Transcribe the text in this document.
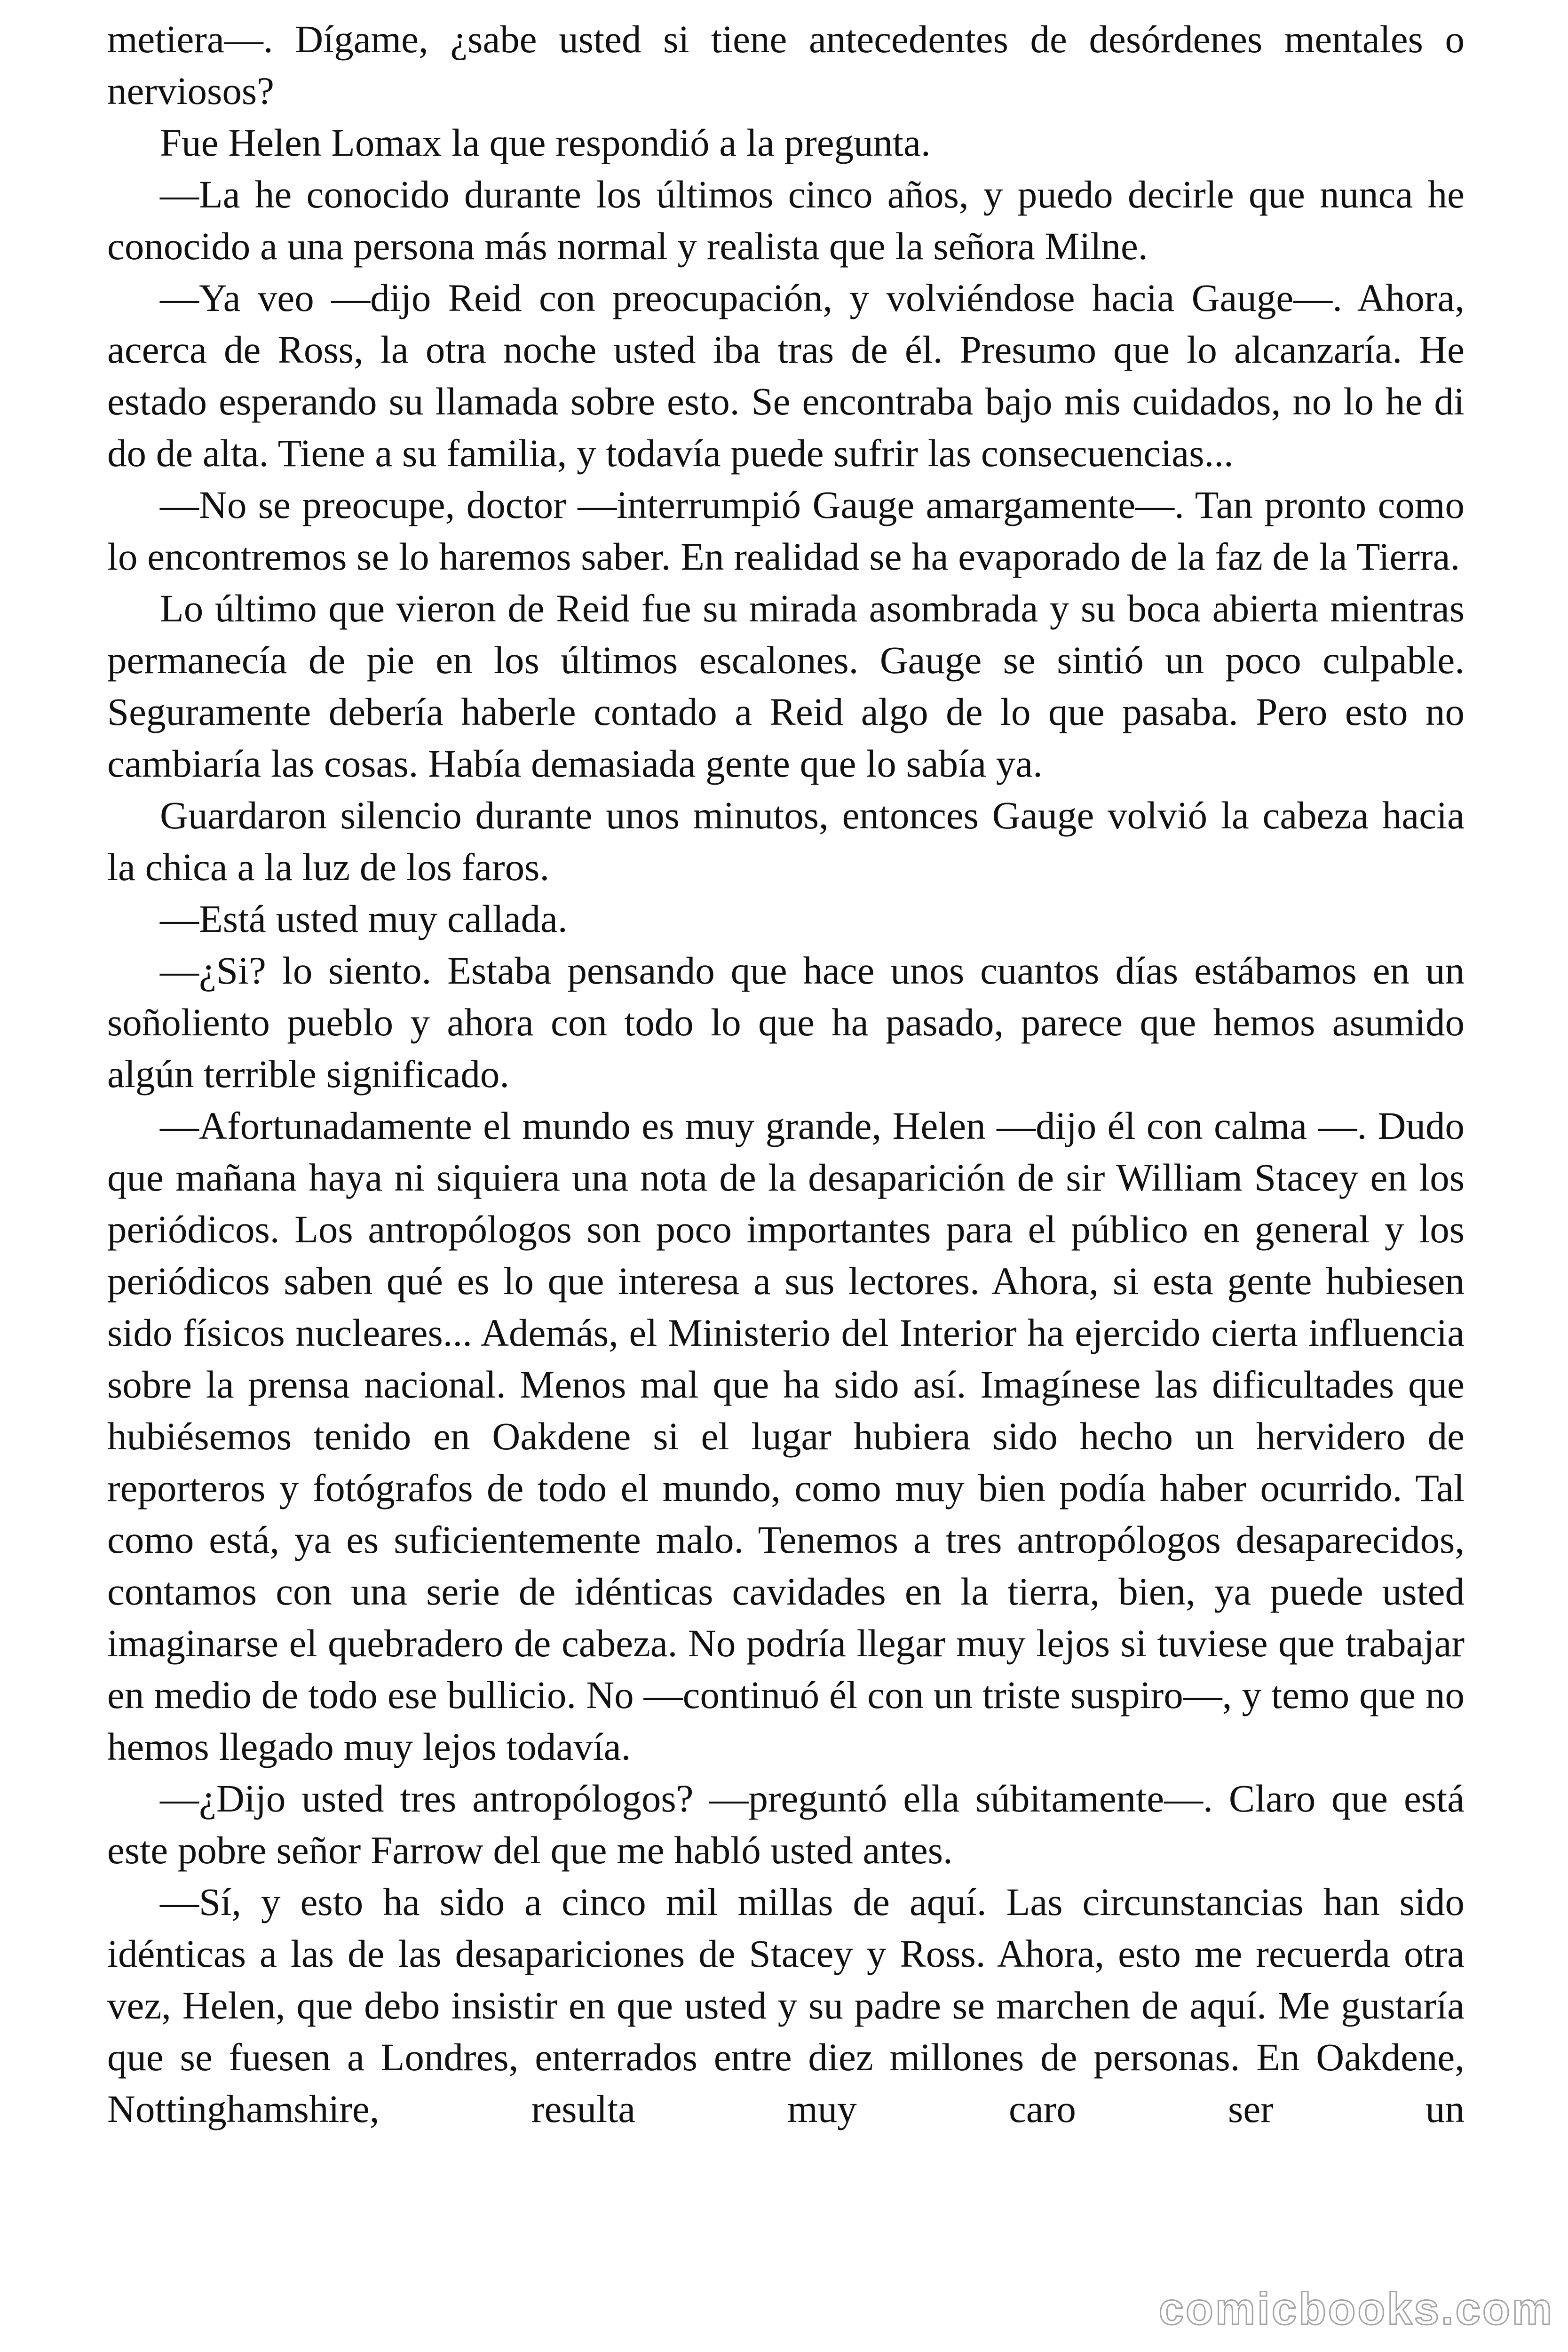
metiera—. Dígame, ¿sabe usted si tiene antecedentes de desórdenes mentales o nerviosos?

Fue Helen Lomax la que respondió a la pregunta.

—La he conocido durante los últimos cinco años, y puedo decirle que nunca he conocido a una persona más normal y realista que la señora Milne.

—Ya veo —dijo Reid con preocupación, y volviéndose hacia Gauge—. Ahora, acerca de Ross, la otra noche usted iba tras de él. Presumo que lo alcanzaría. He estado esperando su llamada sobre esto. Se encontraba bajo mis cuidados, no lo he di do de alta. Tiene a su familia, y todavía puede sufrir las consecuencias...

—No se preocupe, doctor —interrumpió Gauge amargamente—. Tan pronto como lo encontremos se lo haremos saber. En realidad se ha evaporado de la faz de la Tierra.

Lo último que vieron de Reid fue su mirada asombrada y su boca abierta mientras permanecía de pie en los últimos escalones. Gauge se sintió un poco culpable. Seguramente debería haberle contado a Reid algo de lo que pasaba. Pero esto no cambiaría las cosas. Había demasiada gente que lo sabía ya.

Guardaron silencio durante unos minutos, entonces Gauge volvió la cabeza hacia la chica a la luz de los faros.

—Está usted muy callada.

—¿Si? lo siento. Estaba pensando que hace unos cuantos días estábamos en un soñoliento pueblo y ahora con todo lo que ha pasado, parece que hemos asumido algún terrible significado.

—Afortunadamente el mundo es muy grande, Helen —dijo él con calma —. Dudo que mañana haya ni siquiera una nota de la desaparición de sir William Stacey en los periódicos. Los antropólogos son poco importantes para el público en general y los periódicos saben qué es lo que interesa a sus lectores. Ahora, si esta gente hubiesen sido físicos nucleares... Además, el Ministerio del Interior ha ejercido cierta influencia sobre la prensa nacional. Menos mal que ha sido así. Imagínese las dificultades que hubiésemos tenido en Oakdene si el lugar hubiera sido hecho un hervidero de reporteros y fotógrafos de todo el mundo, como muy bien podía haber ocurrido. Tal como está, ya es suficientemente malo. Tenemos a tres antropólogos desaparecidos, contamos con una serie de idénticas cavidades en la tierra, bien, ya puede usted imaginarse el quebradero de cabeza. No podría llegar muy lejos si tuviese que trabajar en medio de todo ese bullicio. No —continuó él con un triste suspiro—, y temo que no hemos llegado muy lejos todavía.

—¿Dijo usted tres antropólogos? —preguntó ella súbitamente—. Claro que está este pobre señor Farrow del que me habló usted antes.

—Sí, y esto ha sido a cinco mil millas de aquí. Las circunstancias han sido idénticas a las de las desapariciones de Stacey y Ross. Ahora, esto me recuerda otra vez, Helen, que debo insistir en que usted y su padre se marchen de aquí. Me gustaría que se fuesen a Londres, enterrados entre diez millones de personas. En Oakdene, Nottinghamshire, resulta muy caro ser un

comicbooks.com
